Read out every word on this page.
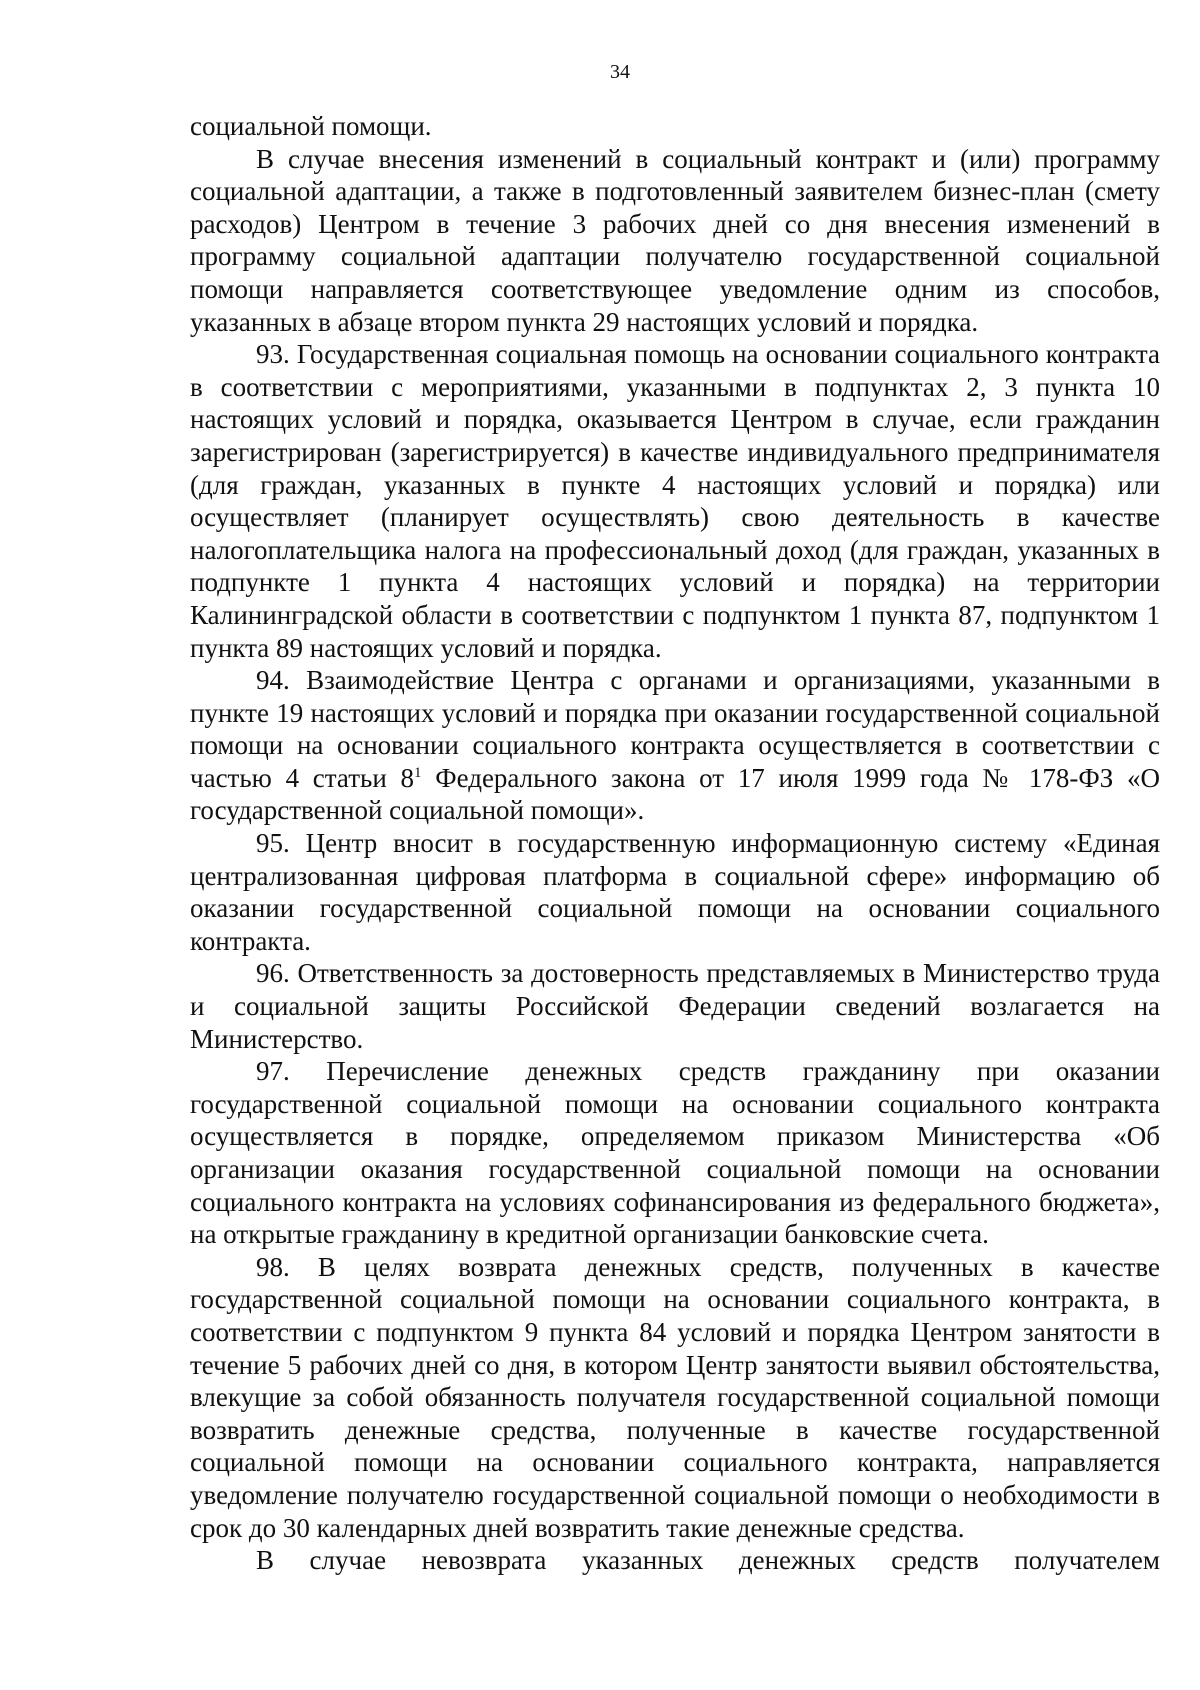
34

социальной помощи.

В случае внесения изменений в социальный контракт и (или) программу социальной адаптации, а также в подготовленный заявителем бизнес-план (смету расходов) Центром в течение 3 рабочих дней со дня внесения изменений в программу социальной адаптации получателю государственной социальной помощи направляется соответствующее уведомление одним из способов, указанных в абзаце втором пункта 29 настоящих условий и порядка.

93. Государственная социальная помощь на основании социального контракта в соответствии с мероприятиями, указанными в подпунктах 2, 3 пункта 10 настоящих условий и порядка, оказывается Центром в случае, если гражданин зарегистрирован (зарегистрируется) в качестве индивидуального предпринимателя (для граждан, указанных в пункте 4 настоящих условий и порядка) или осуществляет (планирует осуществлять) свою деятельность в качестве налогоплательщика налога на профессиональный доход (для граждан, указанных в подпункте 1 пункта 4 настоящих условий и порядка) на территории Калининградской области в соответствии с подпунктом 1 пункта 87, подпунктом 1 пункта 89 настоящих условий и порядка.

94. Взаимодействие Центра с органами и организациями, указанными в пункте 19 настоящих условий и порядка при оказании государственной социальной помощи на основании социального контракта осуществляется в соответствии с частью 4 статьи $8^1$ Федерального закона от 17 июля 1999 года № 178-ФЗ «О государственной социальной помощи».

95. Центр вносит в государственную информационную систему «Единая централизованная цифровая платформа в социальной сфере» информацию об оказании государственной социальной помощи на основании социального контракта.

96. Ответственность за достоверность представляемых в Министерство труда и социальной защиты Российской Федерации сведений возлагается на Министерство.

97. Перечисление денежных средств гражданину при оказании государственной социальной помощи на основании социального контракта осуществляется в порядке, определяемом приказом Министерства «Об организации оказания государственной социальной помощи на основании социального контракта на условиях софинансирования из федерального бюджета», на открытые гражданину в кредитной организации банковские счета.

98. В целях возврата денежных средств, полученных в качестве государственной социальной помощи на основании социального контракта, в соответствии с подпунктом 9 пункта 84 условий и порядка Центром занятости в течение 5 рабочих дней со дня, в котором Центр занятости выявил обстоятельства, влекущие за собой обязанность получателя государственной социальной помощи возвратить денежные средства, полученные в качестве государственной социальной помощи на основании социального контракта, направляется уведомление получателю государственной социальной помощи о необходимости в срок до 30 календарных дней возвратить такие денежные средства.

В случае невозврата указанных денежных средств получателем
